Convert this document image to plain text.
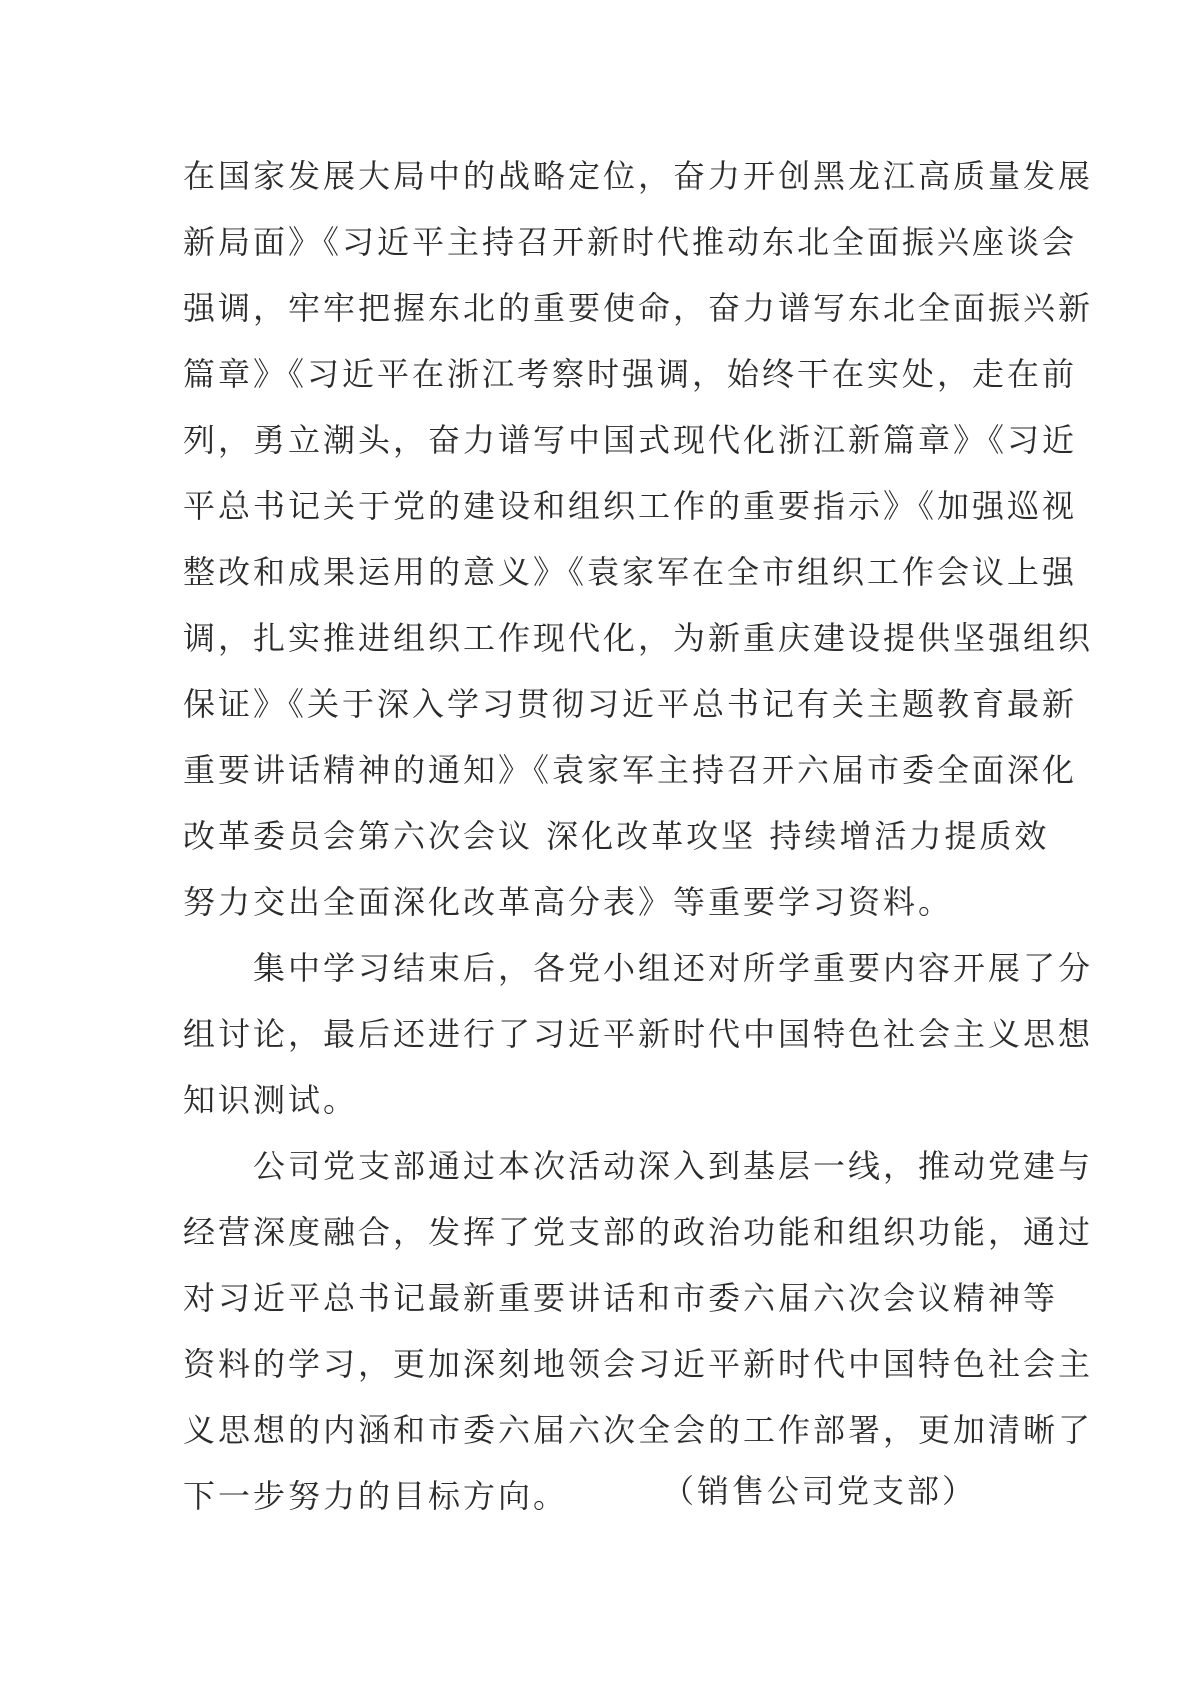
在国家发展大局中的战略定位，奋力开创黑龙江高质量发展
新局面》《习近平主持召开新时代推动东北全面振兴座谈会
强调，牢牢把握东北的重要使命，奋力谱写东北全面振兴新
篇章》《习近平在浙江考察时强调，始终干在实处，走在前
列，勇立潮头，奋力谱写中国式现代化浙江新篇章》《习近
平总书记关于党的建设和组织工作的重要指示》《加强巡视
整改和成果运用的意义》《袁家军在全市组织工作会议上强
调，扎实推进组织工作现代化，为新重庆建设提供坚强组织
保证》《关于深入学习贯彻习近平总书记有关主题教育最新
重要讲话精神的通知》《袁家军主持召开六届市委全面深化
改革委员会第六次会议 深化改革攻坚 持续增活力提质效
努力交出全面深化改革高分表》等重要学习资料。
集中学习结束后，各党小组还对所学重要内容开展了分
组讨论，最后还进行了习近平新时代中国特色社会主义思想
知识测试。
公司党支部通过本次活动深入到基层一线，推动党建与
经营深度融合，发挥了党支部的政治功能和组织功能，通过
对习近平总书记最新重要讲话和市委六届六次会议精神等
资料的学习，更加深刻地领会习近平新时代中国特色社会主
义思想的内涵和市委六届六次全会的工作部署，更加清晰了
下一步努力的目标方向。	（销售公司党支部）
